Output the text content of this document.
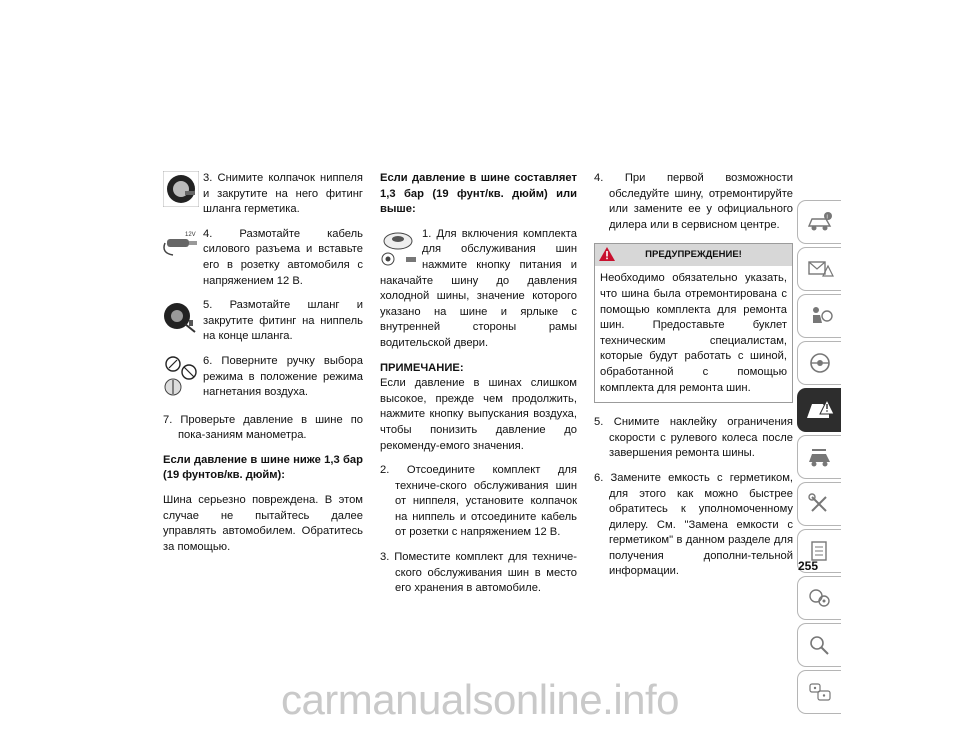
3. Снимите колпачок ниппеля и закрутите на него фитинг шланга герметика.
12V 4. Размотайте кабель силового разъема и вставьте его в розетку автомобиля с напряжением 12 В.
5. Размотайте шланг и закрутите фитинг на ниппель на конце шланга.
6. Поверните ручку выбора режима в положение режима нагнетания воздуха.

7. Проверьте давление в шине по пока-заниям манометра.

Если давление в шине ниже 1,3 бар (19 фунтов/кв. дюйм):

Шина серьезно повреждена. В этом случае не пытайтесь далее управлять автомобилем. Обратитесь за помощью.

Если давление в шине составляет 1,3 бар (19 фунт/кв. дюйм) или выше:

1. Для включения комплекта для обслуживания шин нажмите кнопку питания и накачайте шину до давления холодной шины, значение которого указано на шине и ярлыке с внутренней стороны рамы водительской двери.

ПРИМЕЧАНИЕ:

Если давление в шинах слишком высокое, прежде чем продолжить, нажмите кнопку выпускания воздуха, чтобы понизить давление до рекоменду-емого значения.

2. Отсоедините комплект для техниче-ского обслуживания шин от ниппеля, установите колпачок на ниппель и отсоедините кабель от розетки с напряжением 12 В.

3. Поместите комплект для техниче-ского обслуживания шин в место его хранения в автомобиле.

4. При первой возможности обследуйте шину, отремонтируйте или замените ее у официального дилера или в сервисном центре.

ПРЕДУПРЕЖДЕНИЕ!
Необходимо обязательно указать, что шина была отремонтирована с помощью комплекта для ремонта шин. Предоставьте буклет техническим специалистам, которые будут работать с шиной, обработанной с помощью комплекта для ремонта шин.

5. Снимите наклейку ограничения скорости с рулевого колеса после завершения ремонта шины.

6. Замените емкость с герметиком, для этого как можно быстрее обратитесь к уполномоченному дилеру. См. "Замена емкости с герметиком" в данном разделе для получения дополни-тельной информации.

i
255
carmanualsonline.info
